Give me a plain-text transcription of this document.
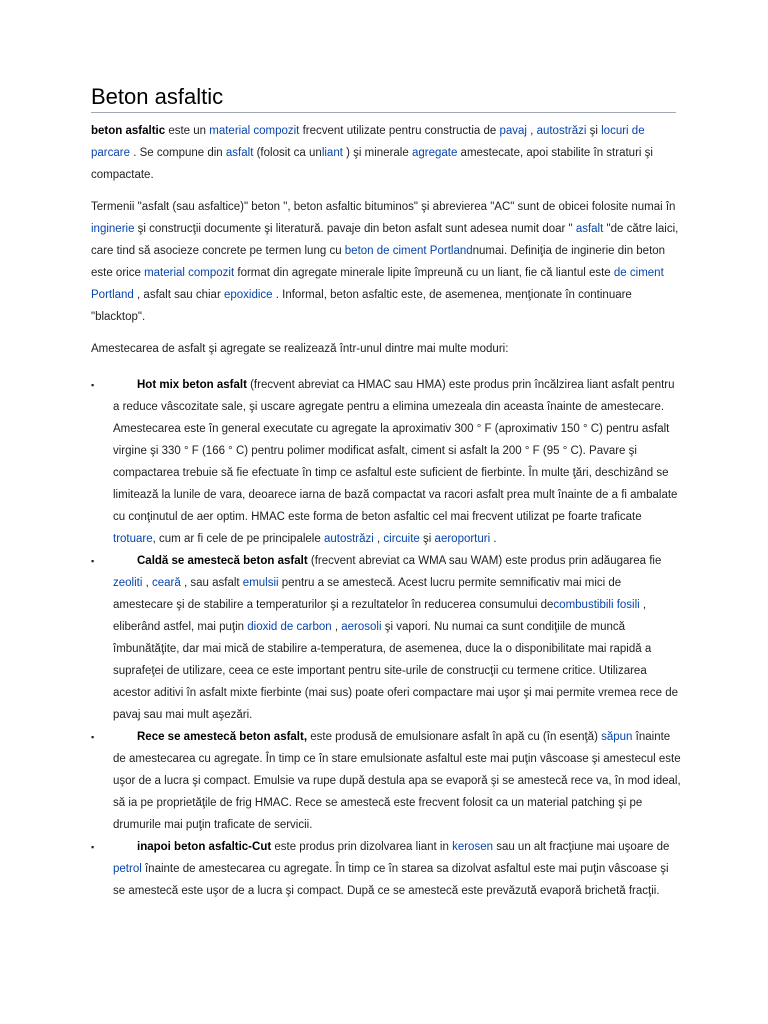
Beton asfaltic

beton asfaltic este un material compozit frecvent utilizate pentru constructia de pavaj , autostrăzi şi locuri de parcare . Se compune din asfalt (folosit ca unliant ) şi minerale agregate amestecate, apoi stabilite în straturi şi compactate.

Termenii "asfalt (sau asfaltice)" beton ", beton asfaltic bituminos" şi abrevierea "AC" sunt de obicei folosite numai în inginerie şi construcţii documente şi literatură. pavaje din beton asfalt sunt adesea numit doar " asfalt "de către laici, care tind să asocieze concrete pe termen lung cu beton de ciment Portlandnumai. Definiţia de inginerie din beton este orice material compozit format din agregate minerale lipite împreună cu un liant, fie că liantul este de ciment Portland , asfalt sau chiar epoxidice . Informal, beton asfaltic este, de asemenea, menţionate în continuare "blacktop".

Amestecarea de asfalt şi agregate se realizează într-unul dintre mai multe moduri:

▪	Hot mix beton asfalt (frecvent abreviat ca HMAC sau HMA) este produs prin încălzirea liant asfalt pentru a reduce vâscozitate sale, şi uscare agregate pentru a elimina umezeala din aceasta înainte de amestecare. Amestecarea este în general executate cu agregate la aproximativ 300 ° F (aproximativ 150 ° C) pentru asfalt virgine şi 330 ° F (166 ° C) pentru polimer modificat asfalt, ciment si asfalt la 200 ° F (95 ° C). Pavare şi compactarea trebuie să fie efectuate în timp ce asfaltul este suficient de fierbinte. În multe ţări, deschizând se limitează la lunile de vara, deoarece iarna de bază compactat va racori asfalt prea mult înainte de a fi ambalate cu conţinutul de aer optim. HMAC este forma de beton asfaltic cel mai frecvent utilizat pe foarte traficate trotuare, cum ar fi cele de pe principalele autostrăzi , circuite şi aeroporturi .
▪	Caldă se amestecă beton asfalt (frecvent abreviat ca WMA sau WAM) este produs prin adăugarea fie zeoliti , ceară , sau asfalt emulsii pentru a se amestecă. Acest lucru permite semnificativ mai mici de amestecare şi de stabilire a temperaturilor şi a rezultatelor în reducerea consumului decombustibili fosili , eliberând astfel, mai puţin dioxid de carbon , aerosoli şi vapori. Nu numai ca sunt condiţiile de muncă îmbunătăţite, dar mai mică de stabilire a-temperatura, de asemenea, duce la o disponibilitate mai rapidă a suprafeţei de utilizare, ceea ce este important pentru site-urile de construcţii cu termene critice. Utilizarea acestor aditivi în asfalt mixte fierbinte (mai sus) poate oferi compactare mai uşor şi mai permite vremea rece de pavaj sau mai mult aşezări.
▪	Rece se amestecă beton asfalt, este produsă de emulsionare asfalt în apă cu (în esenţă) săpun înainte de amestecarea cu agregate. În timp ce în stare emulsionate asfaltul este mai puţin vâscoase şi amestecul este uşor de a lucra şi compact. Emulsie va rupe după destula apa se evaporă şi se amestecă rece va, în mod ideal, să ia pe proprietăţile de frig HMAC. Rece se amestecă este frecvent folosit ca un material patching şi pe drumurile mai puţin traficate de servicii.
▪	inapoi beton asfaltic-Cut este produs prin dizolvarea liant in kerosen sau un alt fracţiune mai uşoare de petrol înainte de amestecarea cu agregate. În timp ce în starea sa dizolvat asfaltul este mai puţin vâscoase şi se amestecă este uşor de a lucra şi compact. După ce se amestecă este prevăzută evaporă brichetă fracţii.
